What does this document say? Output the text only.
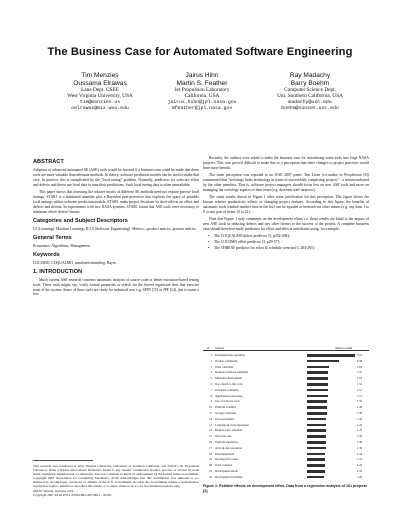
The Business Case for Automated Software Engineering
Tim Menzies
Oussama Elrawas
Lane Dept. CSEE
West Virginia University, USA
tim@menzies.us
oelrawas@mix.wvu.edu
Jairus Hihn
Martin S. Feather
Jet Propulsion Laboratory
California, USA
jairus.hihn@jpl.nasa.gov
mfeather@jpl.nasa.gov
Ray Madachy
Barry Boehm
Computer Science Dept.
Uni. Southern California, USA
madachy@usc.edu
boehm@sunset.usc.edu
ABSTRACT

Adoption of advanced automated SE (ASE) tools would be favored if a business case could be made that these tools are more valuable than alternate methods. In theory, software prediction models can be used to make that case. In practice, this is complicated by the "local tuning" problem. Normally, predictors for software effort and defects and threat use local data to tune their predictions. Such local tuning data is often unavailable.

This paper shows that assessing the relative merits of different SE methods need not require precise local tunings. STAR1 is a simulated annealer plus a Bayesian post-processor that explores the space of possible local tunings within software prediction models. STAR1 ranks project decisions by their effects on effort and defects and threats. In experiments with two NASA systems, STAR1 found that ASE tools were necessary to minimize effort/ defect/ threats.

Categories and Subject Descriptors

I.6 [Learning]: Machine Learning; D.2.8 [Software Engineering]: Metrics—product metrics, process metrics

General Terms

Economics, Algorithms, Management

Keywords

COCOMO, COQUALMO, simulated annealing, Bayes

1. INTRODUCTION

Much current ASE research concerns automatic analysis of source code or better execution-based testing tools. These tools might, say, verify formal properties or search for the fewest regression tests that exercise most of the system. Some of these tools are ready for industrial use; e.g. SPIN [15] or JPF [14], just to name a few.

This research was conducted at West Virginia University, University of Southern California, and NASA's Jet Propulsion Laboratory under a NASA sub-contract. Reference herein to any specific commercial product, process, or service by trade name, trademark, manufacturer, or otherwise, does not constitute or imply its endorsement by the United States Government. Copyright 2007 Association for Computing Machinery. ACM acknowledges that this contribution was authored or co-authored by an employee, contractor or affiliate of the U.S. Government. As such, the Government retains a nonexclusive, royalty-free right to publish or reproduce this article, or to allow others to do so, for Government purposes only.
ASE'07 Atlanta, Georgia, USA
Copyright 2007 ACM 978-1-59593-882-4/07/0011 ...$5.00.

Recently, the authors were asked to make the business case for introducing some tools into large NASA projects. This case proved difficult to make due to a perception that other changes to project practices would have more benefit.

The same perception was reported at an ICSE 2007 panel. Tim Lister (co-author of Peopleware [8]) commented that "sociology beats technology in terms of successfully completing projects" - a notion endorsed by the other panelists. That is, software project managers should focus less on new ASE tools and more on managing the sociology aspects of their team (e.g. decrease staff turnover).

The study results shown in Figure 1 offer some justification for this perception. This figure shows the known relative productivity effects of changing project features. According to this figure, the benefits of automatic tools (ranked number nine in the list) can be equaled or bettered via other means (e.g. any item 1 to 8 or any pair of items 10 to 22).

Note that Figure 1 only comments on the development effort, i.e. those results are blind to the impact of new ASE tools in reducing defects and any other threats to the success of the project. A complete business case should therefore study predictors for effort and defects and threats using, for example:

• The COQUALMO defect predictor [3, p254-268];
• The COCOMO effort predictor [3, p29-57];
• The THREAT predictor for effort & schedule overrun [3, 284-291].
id features	relative weight
1 Personnel/team capability	3.53
2 Product complexity	2.38
3 Time constraint	1.63
4 Required software reliability	1.54
5 Multi-site development	1.53
6 Doc. match to life cycle	1.52
7 Personnel continuity	1.51
8 Applications experience	1.51
9 Use of software tools	1.50
10 Platform volatility	1.49
11 Storage constraint	1.46
12 Process maturity	1.43
13 Language & tools experience	1.43
14 Required dev. schedule	1.43
15 Data base size	1.42
16 Platform experience	1.40
17 Arch. & risk resolution	1.39
18 Precedentedness	1.33
19 Developed for reuse	1.31
20 Team cohesion	1.29
21 Development mode	1.32
22 Development flexibility	1.26
Figure 1: Relative effects on development effort. Data from a regression analysis of 161 projects [2].
